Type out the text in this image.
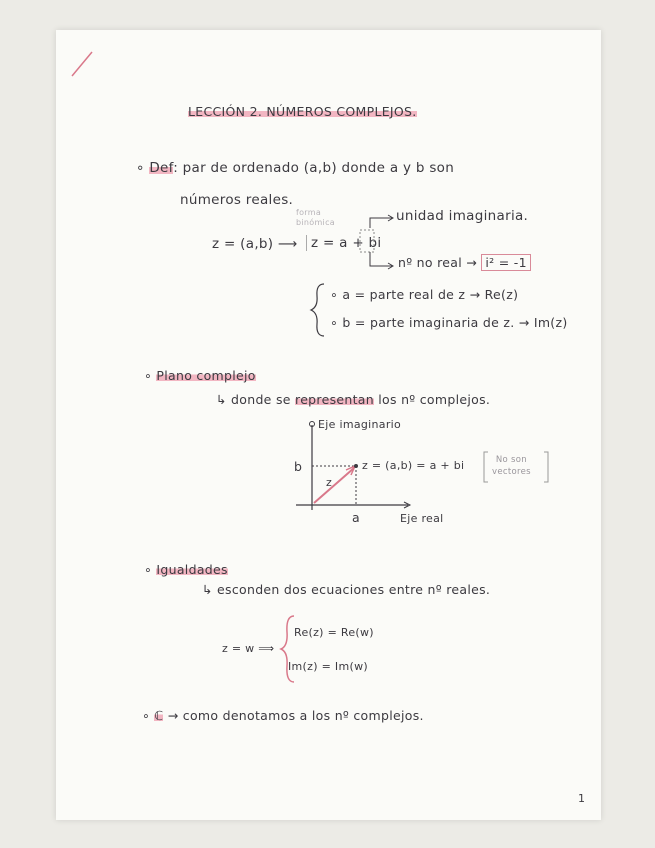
LECCIÓN 2. NÚMEROS COMPLEJOS.
∘ Def: par de ordenado (a,b) donde a y b son
números reales.
forma
binómica	unidad imaginaria.
z = (a,b) ⟶ z = a + bi
nº no real → i² = -1
∘ a = parte real de z → Re(z)
∘ b = parte imaginaria de z. → Im(z)
∘ Plano complejo
↳ donde se representan los nº complejos.
Eje imaginario
b
z
z = (a,b) = a + bi
a	Eje real
No son
vectores
∘ Igualdades
↳ esconden dos ecuaciones entre nº reales.
z = w ⟹
Re(z) = Re(w)
Im(z) = Im(w)
∘ ℂ → como denotamos a los nº complejos.
1
